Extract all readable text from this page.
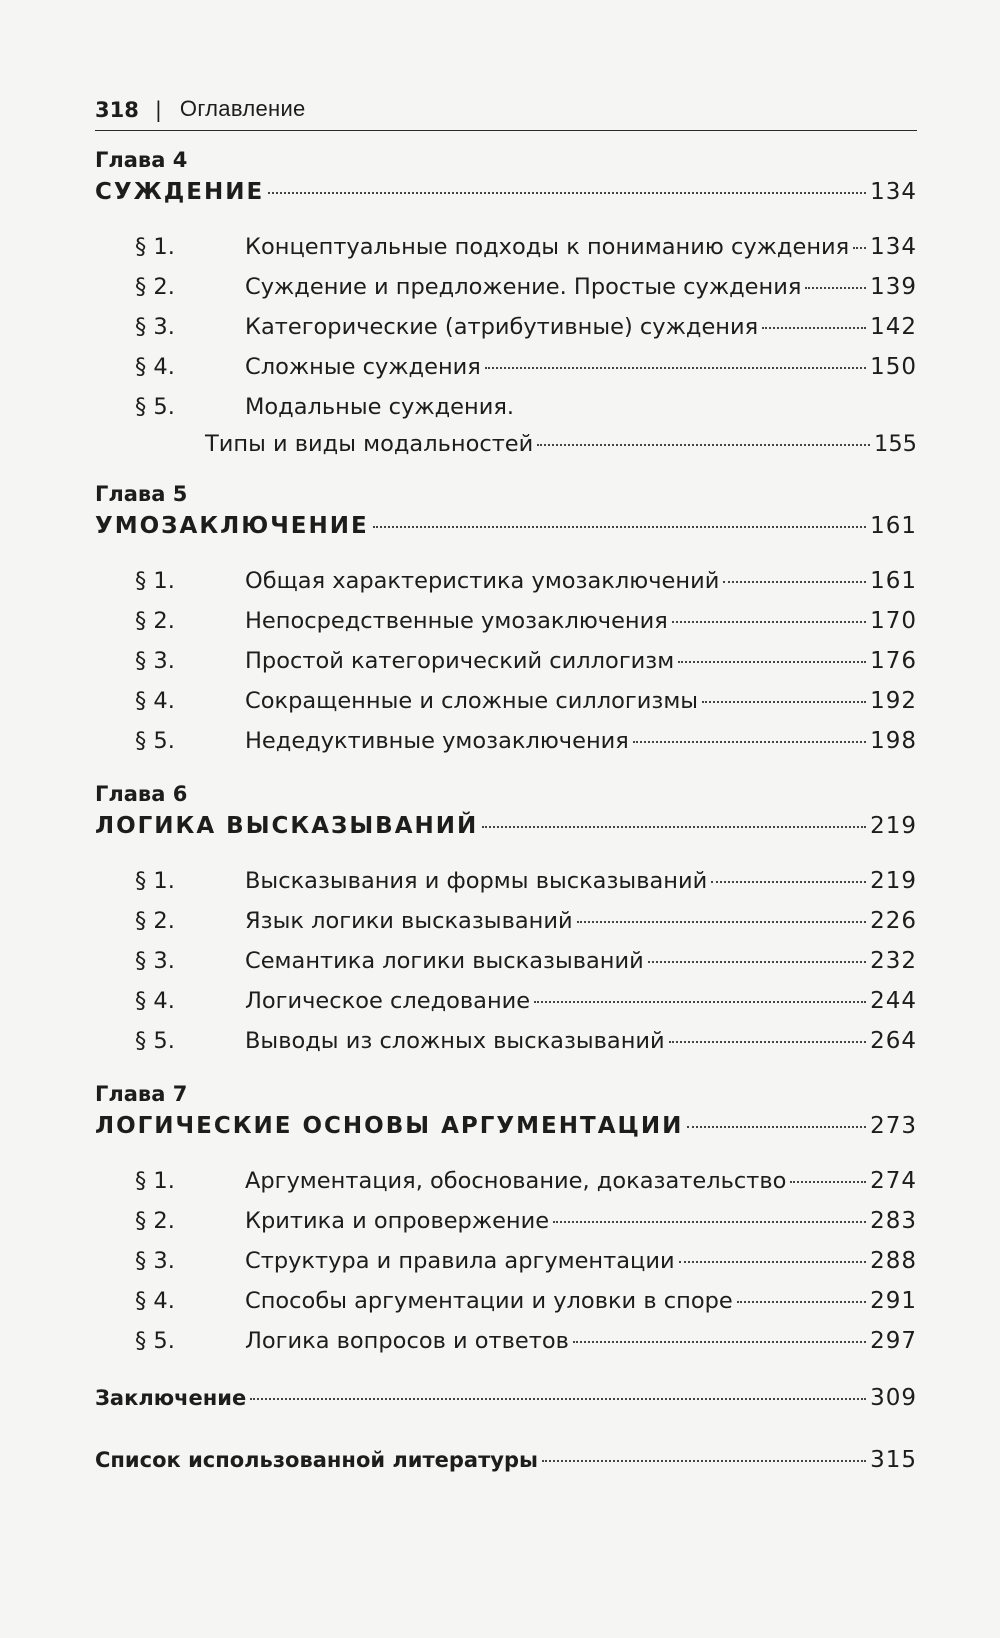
318 | Оглавление
Глава 4
СУЖДЕНИЕ	134
§ 1.	Концептуальные подходы к пониманию суждения 134
§ 2.	Суждение и предложение. Простые суждения	139
§ 3.	Категорические (атрибутивные) суждения	142
§ 4.	Сложные суждения	150
§ 5.	Модальные суждения.
Типы и виды модальностей	155
Глава 5
УМОЗАКЛЮЧЕНИЕ	161
§ 1.	Общая характеристика умозаключений	161
§ 2.	Непосредственные умозаключения	170
§ 3.	Простой категорический силлогизм	176
§ 4.	Сокращенные и сложные силлогизмы	192
§ 5.	Недедуктивные умозаключения	198
Глава 6
ЛОГИКА ВЫСКАЗЫВАНИЙ	219
§ 1.	Высказывания и формы высказываний	219
§ 2.	Язык логики высказываний	226
§ 3.	Семантика логики высказываний	232
§ 4.	Логическое следование	244
§ 5.	Выводы из сложных высказываний	264
Глава 7
ЛОГИЧЕСКИЕ ОСНОВЫ АРГУМЕНТАЦИИ	273
§ 1.	Аргументация, обоснование, доказательство	274
§ 2.	Критика и опровержение	283
§ 3.	Структура и правила аргументации	288
§ 4.	Способы аргументации и уловки в споре	291
§ 5.	Логика вопросов и ответов	297
Заключение	309
Список использованной литературы	315
